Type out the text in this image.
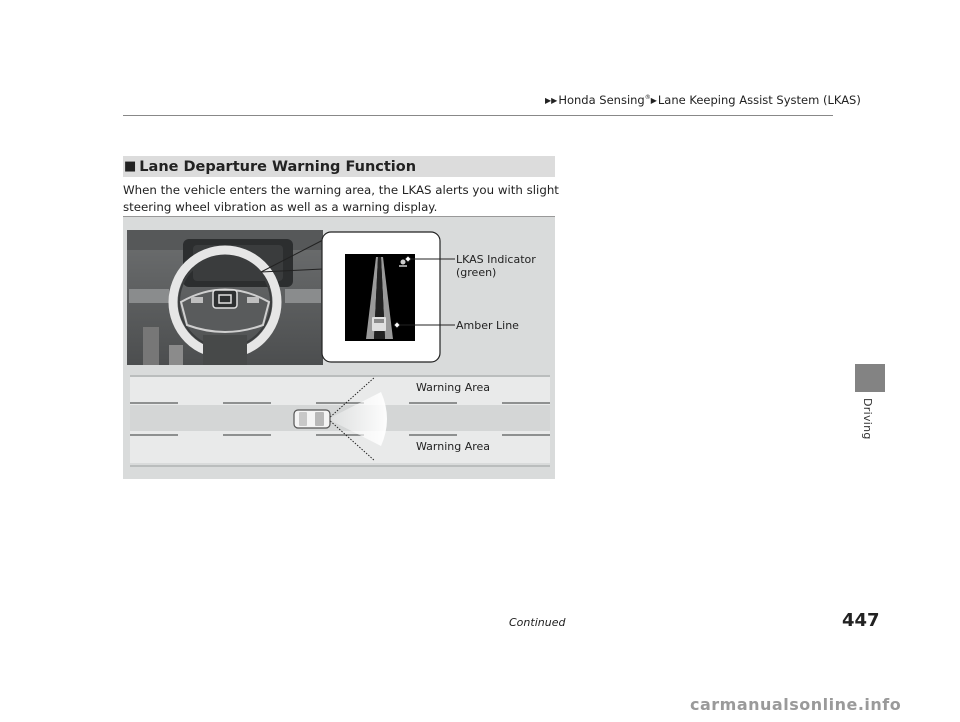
▶▶Honda Sensing®▶Lane Keeping Assist System (LKAS)
Driving
■ Lane Departure Warning Function
When the vehicle enters the warning area, the LKAS alerts you with slight steering wheel vibration as well as a warning display.
LKAS Indicator
(green)
Amber Line
Warning Area
Warning Area
Continued	447
carmanualsonline.info
